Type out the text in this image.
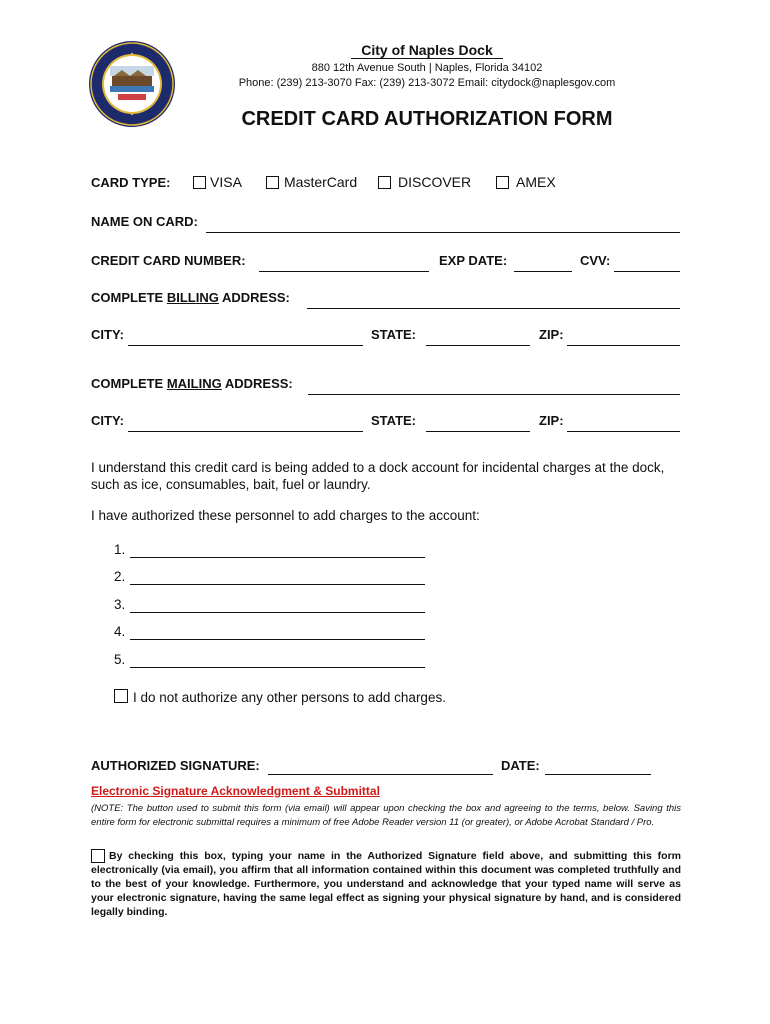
City of Naples Dock
880 12th Avenue South | Naples, Florida 34102
Phone: (239) 213-3070 Fax: (239) 213-3072 Email: citydock@naplesgov.com
CREDIT CARD AUTHORIZATION FORM
CARD TYPE:	VISA	MasterCard	DISCOVER	AMEX
NAME ON CARD:
CREDIT CARD NUMBER:	EXP DATE:	CVV:
COMPLETE BILLING ADDRESS:
CITY:	STATE:	ZIP:
COMPLETE MAILING ADDRESS:
CITY:	STATE:	ZIP:
I understand this credit card is being added to a dock account for incidental charges at the dock, such as ice, consumables, bait, fuel or laundry.
I have authorized these personnel to add charges to the account:
1.
2.
3.
4.
5.
I do not authorize any other persons to add charges.
AUTHORIZED SIGNATURE:	DATE:
Electronic Signature Acknowledgment & Submittal
(NOTE: The button used to submit this form (via email) will appear upon checking the box and agreeing to the terms, below. Saving this entire form for electronic submittal requires a minimum of free Adobe Reader version 11 (or greater), or Adobe Acrobat Standard / Pro.
By checking this box, typing your name in the Authorized Signature field above, and submitting this form electronically (via email), you affirm that all information contained within this document was completed truthfully and to the best of your knowledge. Furthermore, you understand and acknowledge that your typed name will serve as your electronic signature, having the same legal effect as signing your physical signature by hand, and is considered legally binding.
